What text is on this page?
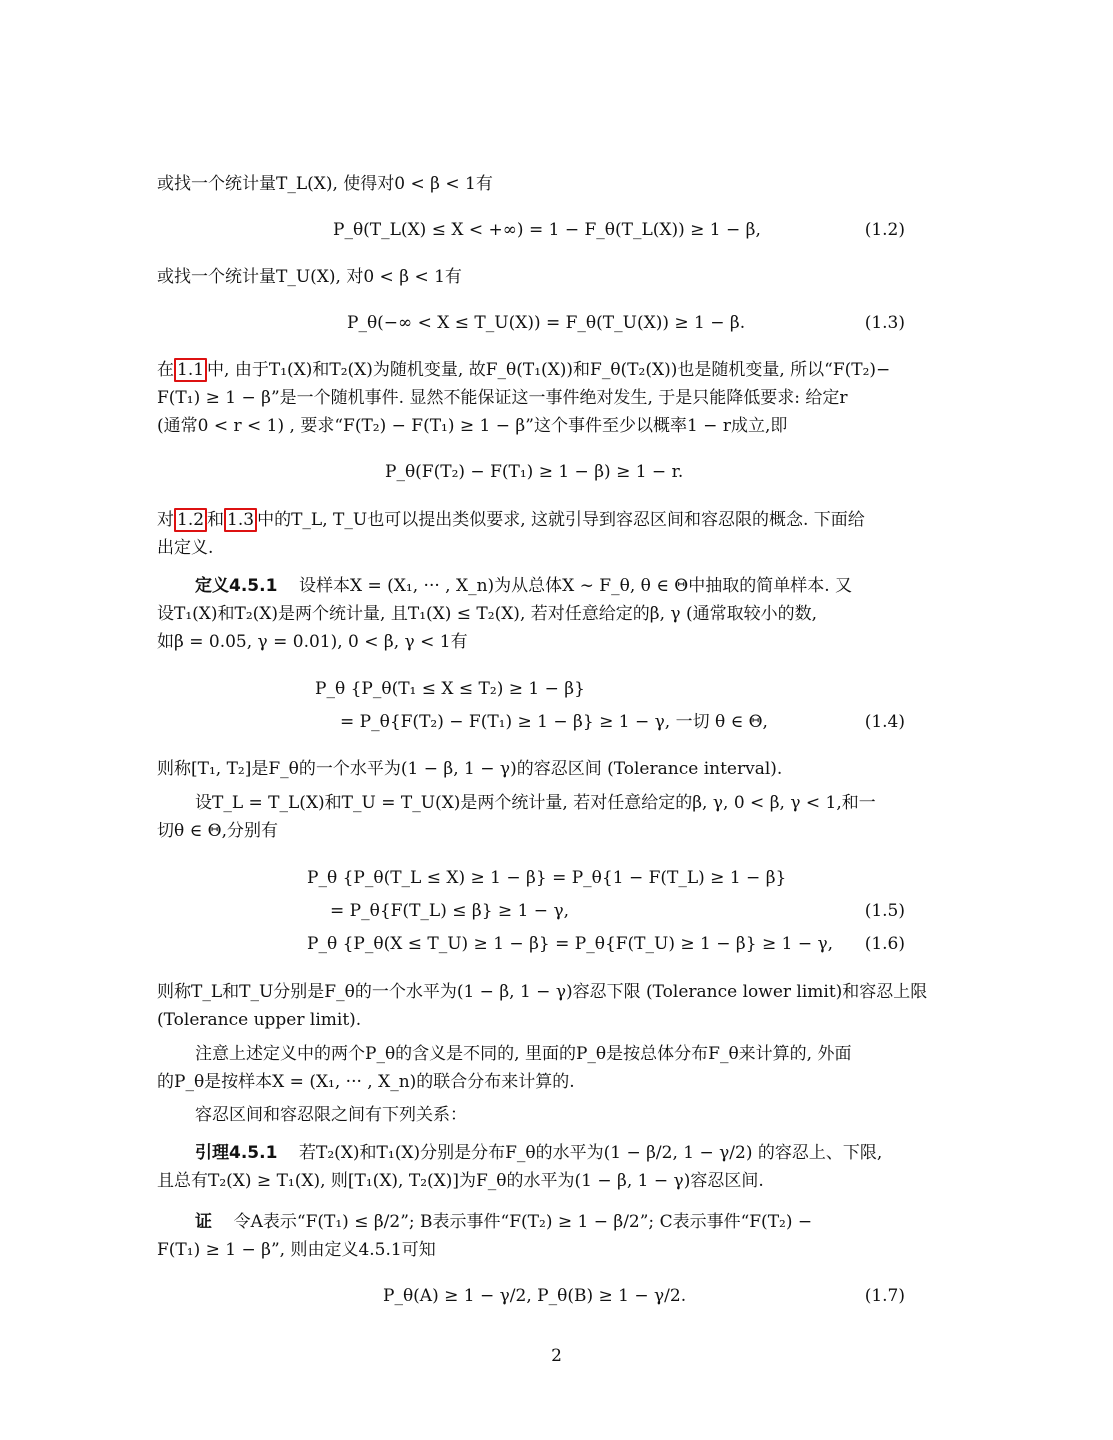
或找一个统计量T_L(X), 使得对0 < β < 1有
P_θ(T_L(X) ≤ X < +∞) = 1 − F_θ(T_L(X)) ≥ 1 − β,	(1.2)
或找一个统计量T_U(X), 对0 < β < 1有
P_θ(−∞ < X ≤ T_U(X)) = F_θ(T_U(X)) ≥ 1 − β.	(1.3)
在 1.1 中, 由于T₁(X)和T₂(X)为随机变量, 故F_θ(T₁(X))和F_θ(T₂(X))也是随机变量, 所以“F(T₂)−
F(T₁) ≥ 1 − β”是一个随机事件. 显然不能保证这一事件绝对发生, 于是只能降低要求: 给定r
(通常0 < r < 1) , 要求“F(T₂) − F(T₁) ≥ 1 − β”这个事件至少以概率1 − r成立,即
P_θ(F(T₂) − F(T₁) ≥ 1 − β) ≥ 1 − r.
对 1.2 和 1.3 中的T_L, T_U也可以提出类似要求, 这就引导到容忍区间和容忍限的概念. 下面给
出定义.
定义4.5.1 设样本X = (X₁, ··· , X_n)为从总体X ∼ F_θ, θ ∈ Θ中抽取的简单样本. 又
设T₁(X)和T₂(X)是两个统计量, 且T₁(X) ≤ T₂(X), 若对任意给定的β, γ (通常取较小的数,
如β = 0.05, γ = 0.01), 0 < β, γ < 1有
P_θ {P_θ(T₁ ≤ X ≤ T₂) ≥ 1 − β}
= P_θ{F(T₂) − F(T₁) ≥ 1 − β} ≥ 1 − γ, 一切 θ ∈ Θ,	(1.4)
则称[T₁, T₂]是F_θ的一个水平为(1 − β, 1 − γ)的容忍区间 (Tolerance interval).
设T_L = T_L(X)和T_U = T_U(X)是两个统计量, 若对任意给定的β, γ, 0 < β, γ < 1,和一
切θ ∈ Θ,分别有
P_θ {P_θ(T_L ≤ X) ≥ 1 − β} = P_θ{1 − F(T_L) ≥ 1 − β}
= P_θ{F(T_L) ≤ β} ≥ 1 − γ,	(1.5)
P_θ {P_θ(X ≤ T_U) ≥ 1 − β} = P_θ{F(T_U) ≥ 1 − β} ≥ 1 − γ,	(1.6)
则称T_L和T_U分别是F_θ的一个水平为(1 − β, 1 − γ)容忍下限 (Tolerance lower limit)和容忍上限
(Tolerance upper limit).
注意上述定义中的两个P_θ的含义是不同的, 里面的P_θ是按总体分布F_θ来计算的, 外面
的P_θ是按样本X = (X₁, ··· , X_n)的联合分布来计算的.
容忍区间和容忍限之间有下列关系：
引理4.5.1 若T₂(X)和T₁(X)分别是分布F_θ的水平为(1 − β/2, 1 − γ/2) 的容忍上、下限,
且总有T₂(X) ≥ T₁(X), 则[T₁(X), T₂(X)]为F_θ的水平为(1 − β, 1 − γ)容忍区间.
证 令A表示“F(T₁) ≤ β/2”; B表示事件“F(T₂) ≥ 1 − β/2”; C表示事件“F(T₂) −
F(T₁) ≥ 1 − β”, 则由定义4.5.1可知
P_θ(A) ≥ 1 − γ/2, P_θ(B) ≥ 1 − γ/2.	(1.7)
2
